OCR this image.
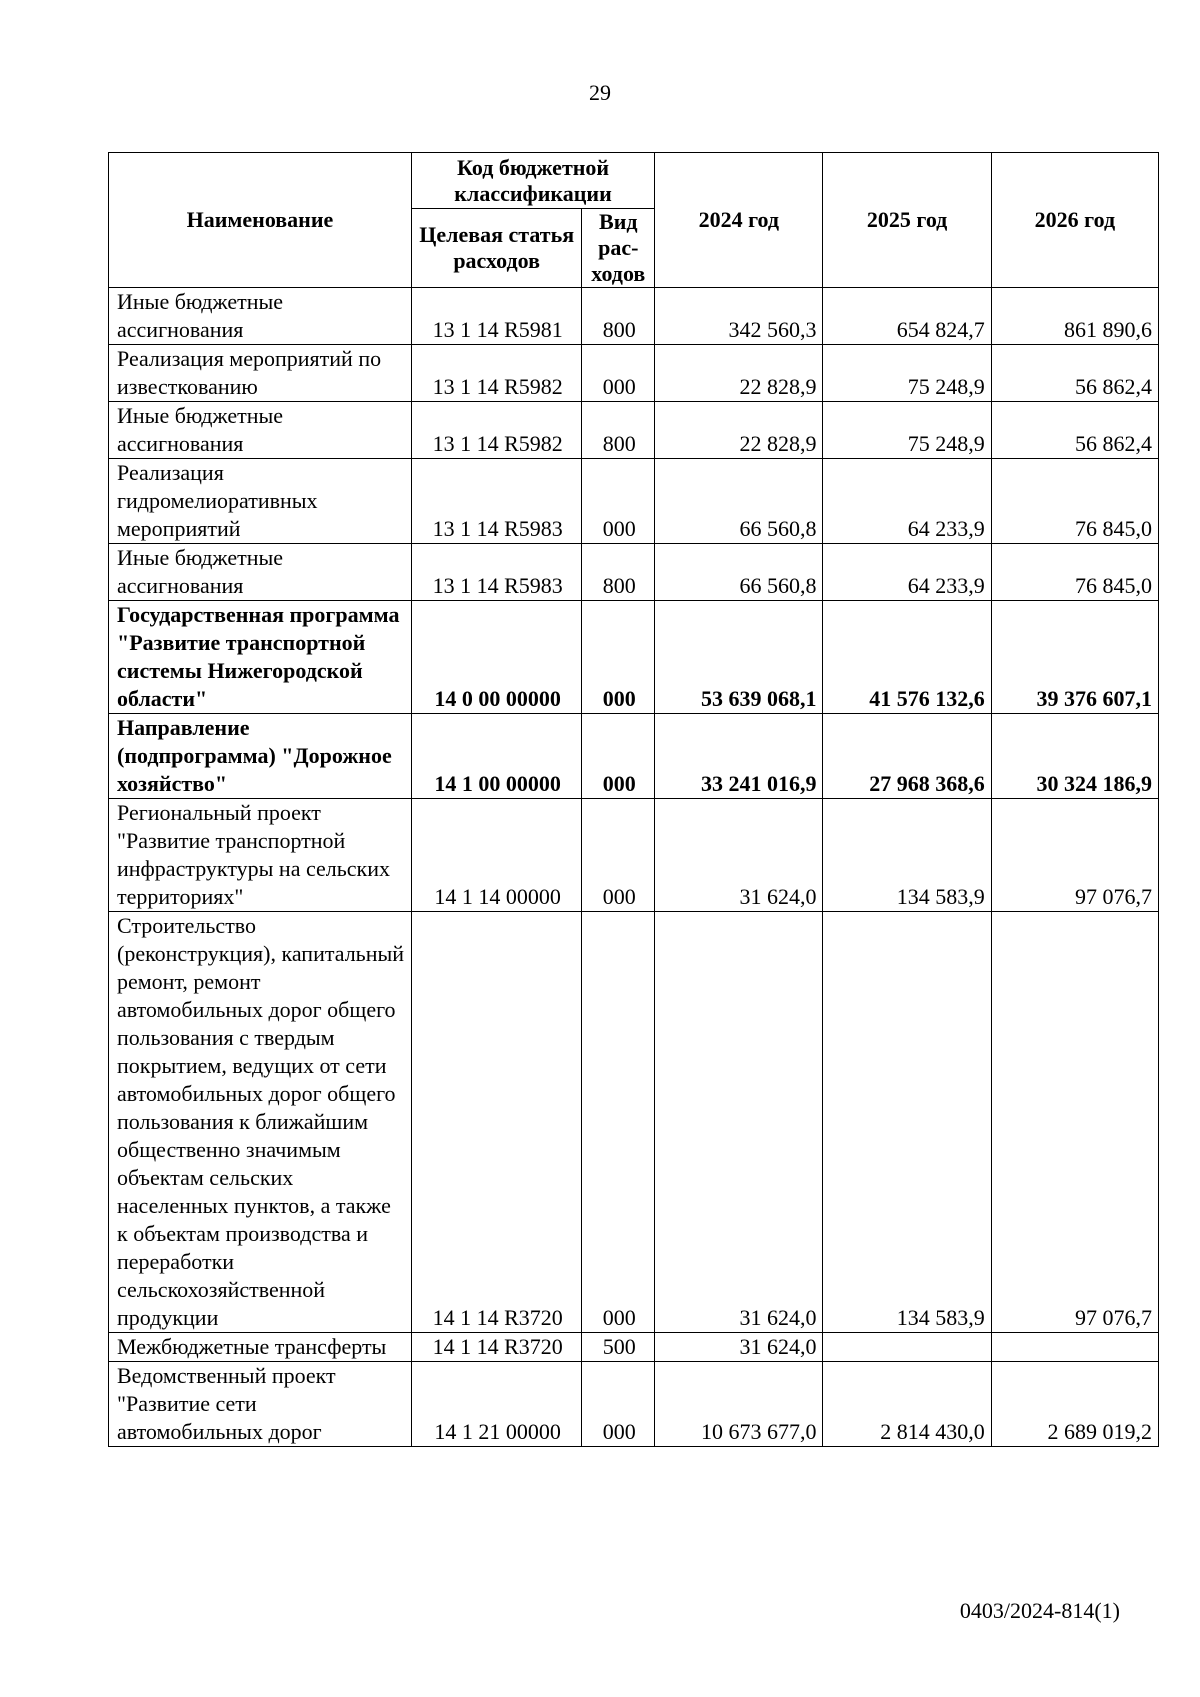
29
Наименование	Код бюджетной классификации		2024 год	2025 год	2026 год
	Целевая статья расходов	Вид рас-ходов			
Иные бюджетные ассигнования	13 1 14 R5981	800	342 560,3	654 824,7	861 890,6
Реализация мероприятий по известкованию	13 1 14 R5982	000	22 828,9	75 248,9	56 862,4
Иные бюджетные ассигнования	13 1 14 R5982	800	22 828,9	75 248,9	56 862,4
Реализация гидромелиоративных мероприятий	13 1 14 R5983	000	66 560,8	64 233,9	76 845,0
Иные бюджетные ассигнования	13 1 14 R5983	800	66 560,8	64 233,9	76 845,0
Государственная программа "Развитие транспортной системы Нижегородской области"	14 0 00 00000	000	53 639 068,1	41 576 132,6	39 376 607,1
Направление (подпрограмма) "Дорожное хозяйство"	14 1 00 00000	000	33 241 016,9	27 968 368,6	30 324 186,9
Региональный проект "Развитие транспортной инфраструктуры на сельских территориях"	14 1 14 00000	000	31 624,0	134 583,9	97 076,7
Строительство (реконструкция), капитальный ремонт, ремонт автомобильных дорог общего пользования с твердым покрытием, ведущих от сети автомобильных дорог общего пользования к ближайшим общественно значимым объектам сельских населенных пунктов, а также к объектам производства и переработки сельскохозяйственной продукции	14 1 14 R3720	000	31 624,0	134 583,9	97 076,7
Межбюджетные трансферты	14 1 14 R3720	500	31 624,0		
Ведомственный проект "Развитие сети автомобильных дорог	14 1 21 00000	000	10 673 677,0	2 814 430,0	2 689 019,2
0403/2024-814(1)
